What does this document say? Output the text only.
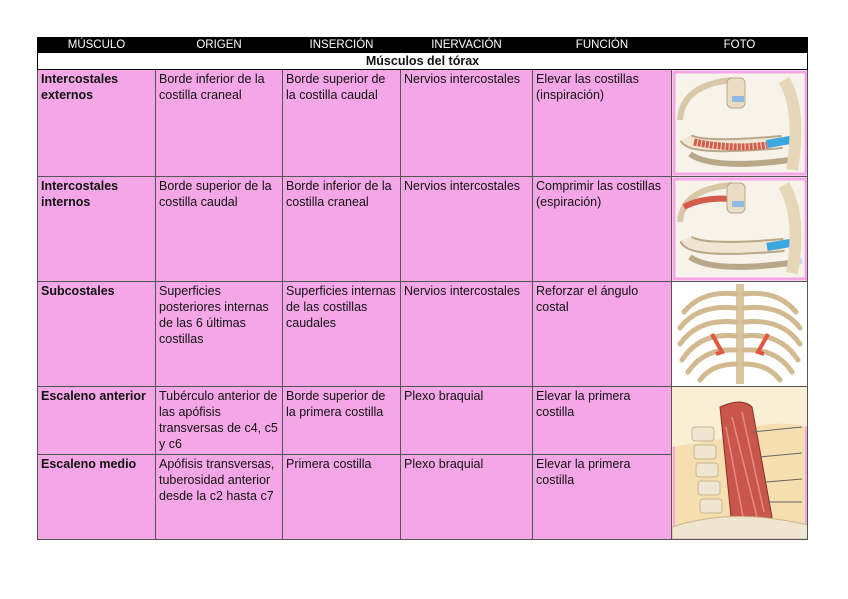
MÚSCULO	ORIGEN	INSERCIÓN	INERVACIÓN	FUNCIÓN	FOTO
Músculos del tórax					
Intercostales externos	Borde inferior de la costilla craneal	Borde superior de la costilla caudal	Nervios intercostales	Elevar las costillas (inspiración)	

Intercostales internos	Borde superior de la costilla caudal	Borde inferior de la costilla craneal	Nervios intercostales	Comprimir las costillas (espiración)	

Subcostales	Superficies posteriores internas de las 6 últimas costillas	Superficies internas de las costillas caudales	Nervios intercostales	Reforzar el ángulo costal	

Escaleno anterior	Tubérculo anterior de las apófisis transversas de c4, c5 y c6	Borde superior de la primera costilla	Plexo braquial	Elevar la primera costilla	

Escaleno medio	Apófisis transversas, tuberosidad anterior desde la c2 hasta c7	Primera costilla	Plexo braquial	Elevar la primera costilla	
